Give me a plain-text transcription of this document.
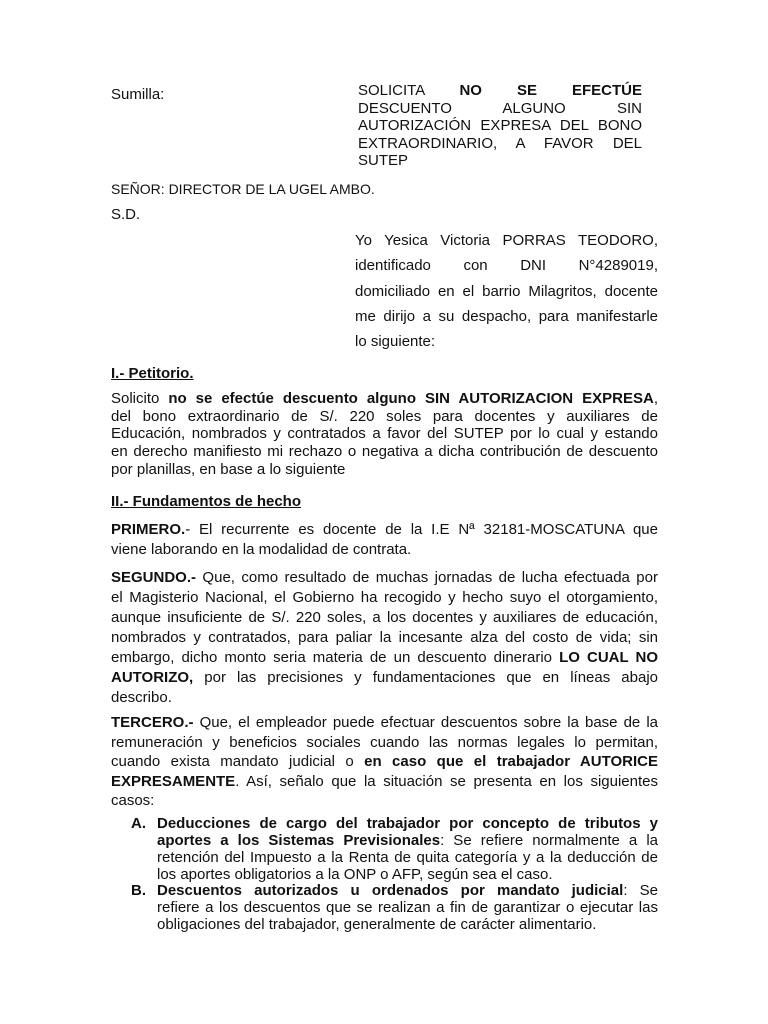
Sumilla:	SOLICITA NO SE EFECTÚE
DESCUENTO ALGUNO SIN
AUTORIZACIÓN EXPRESA DEL BONO
EXTRAORDINARIO, A FAVOR DEL
SUTEP
SEÑOR: DIRECTOR DE LA UGEL AMBO.
S.D.
Yo Yesica Victoria PORRAS TEODORO,
identificado con DNI N°4289019,
domiciliado en el barrio Milagritos, docente
me dirijo a su despacho, para manifestarle
lo siguiente:
I.- Petitorio.
Solicito no se efectúe descuento alguno SIN AUTORIZACION EXPRESA,
del bono extraordinario de S/. 220 soles para docentes y auxiliares de
Educación, nombrados y contratados a favor del SUTEP por lo cual y estando
en derecho manifiesto mi rechazo o negativa a dicha contribución de descuento
por planillas, en base a lo siguiente
II.- Fundamentos de hecho
PRIMERO.- El recurrente es docente de la I.E Nª 32181-MOSCATUNA que
viene laborando en la modalidad de contrata.
SEGUNDO.- Que, como resultado de muchas jornadas de lucha efectuada por
el Magisterio Nacional, el Gobierno ha recogido y hecho suyo el otorgamiento,
aunque insuficiente de S/. 220 soles, a los docentes y auxiliares de educación,
nombrados y contratados, para paliar la incesante alza del costo de vida; sin
embargo, dicho monto seria materia de un descuento dinerario LO CUAL NO
AUTORIZO, por las precisiones y fundamentaciones que en líneas abajo
describo.
TERCERO.- Que, el empleador puede efectuar descuentos sobre la base de la
remuneración y beneficios sociales cuando las normas legales lo permitan,
cuando exista mandato judicial o en caso que el trabajador AUTORICE
EXPRESAMENTE. Así, señalo que la situación se presenta en los siguientes
casos:
A. Deducciones de cargo del trabajador por concepto de tributos y
aportes a los Sistemas Previsionales: Se refiere normalmente a la
retención del Impuesto a la Renta de quita categoría y a la deducción de
los aportes obligatorios a la ONP o AFP, según sea el caso.
B. Descuentos autorizados u ordenados por mandato judicial: Se
refiere a los descuentos que se realizan a fin de garantizar o ejecutar las
obligaciones del trabajador, generalmente de carácter alimentario.
